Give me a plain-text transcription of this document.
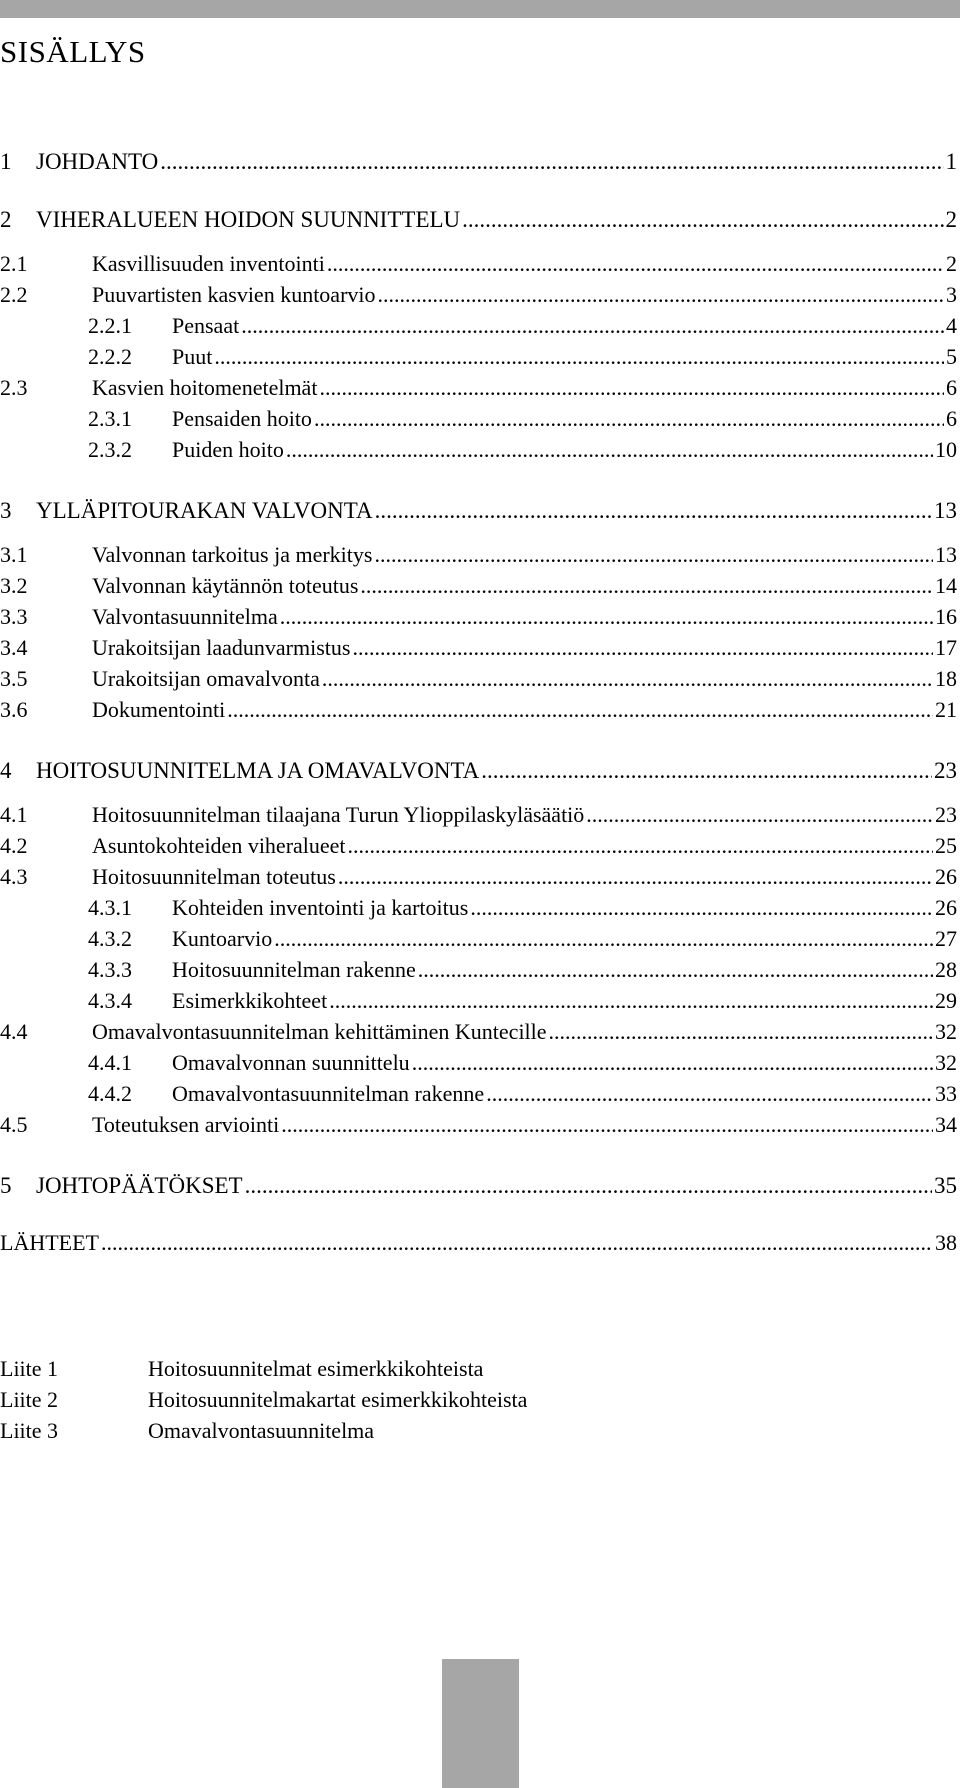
SISÄLLYS
1	JOHDANTO .....	1
2	VIHERALUEEN HOIDON SUUNNITTELU .....	2
2.1	Kasvillisuuden inventointi .....	2
2.2	Puuvartisten kasvien kuntoarvio .....	3
2.2.1	Pensaat .....	4
2.2.2	Puut .....	5
2.3	Kasvien hoitomenetelmät .....	6
2.3.1	Pensaiden hoito .....	6
2.3.2	Puiden hoito .....	10
3	YLLÄPITOURAKAN VALVONTA .....	13
3.1	Valvonnan tarkoitus ja merkitys .....	13
3.2	Valvonnan käytännön toteutus .....	14
3.3	Valvontasuunnitelma .....	16
3.4	Urakoitsijan laadunvarmistus .....	17
3.5	Urakoitsijan omavalvonta .....	18
3.6	Dokumentointi .....	21
4	HOITOSUUNNITELMA JA OMAVALVONTA .....	23
4.1	Hoitosuunnitelman tilaajana Turun Ylioppilaskyläsäätiö .....	23
4.2	Asuntokohteiden viheralueet .....	25
4.3	Hoitosuunnitelman toteutus .....	26
4.3.1	Kohteiden inventointi ja kartoitus .....	26
4.3.2	Kuntoarvio .....	27
4.3.3	Hoitosuunnitelman rakenne .....	28
4.3.4	Esimerkkikohteet .....	29
4.4	Omavalvontasuunnitelman kehittäminen Kuntecille .....	32
4.4.1	Omavalvonnan suunnittelu .....	32
4.4.2	Omavalvontasuunnitelman rakenne .....	33
4.5	Toteutuksen arviointi .....	34
5	JOHTOPÄÄTÖKSET .....	35
LÄHTEET .....	38
Liite 1	Hoitosuunnitelmat esimerkkikohteista
Liite 2	Hoitosuunnitelmakartat esimerkkikohteista
Liite 3	Omavalvontasuunnitelma
